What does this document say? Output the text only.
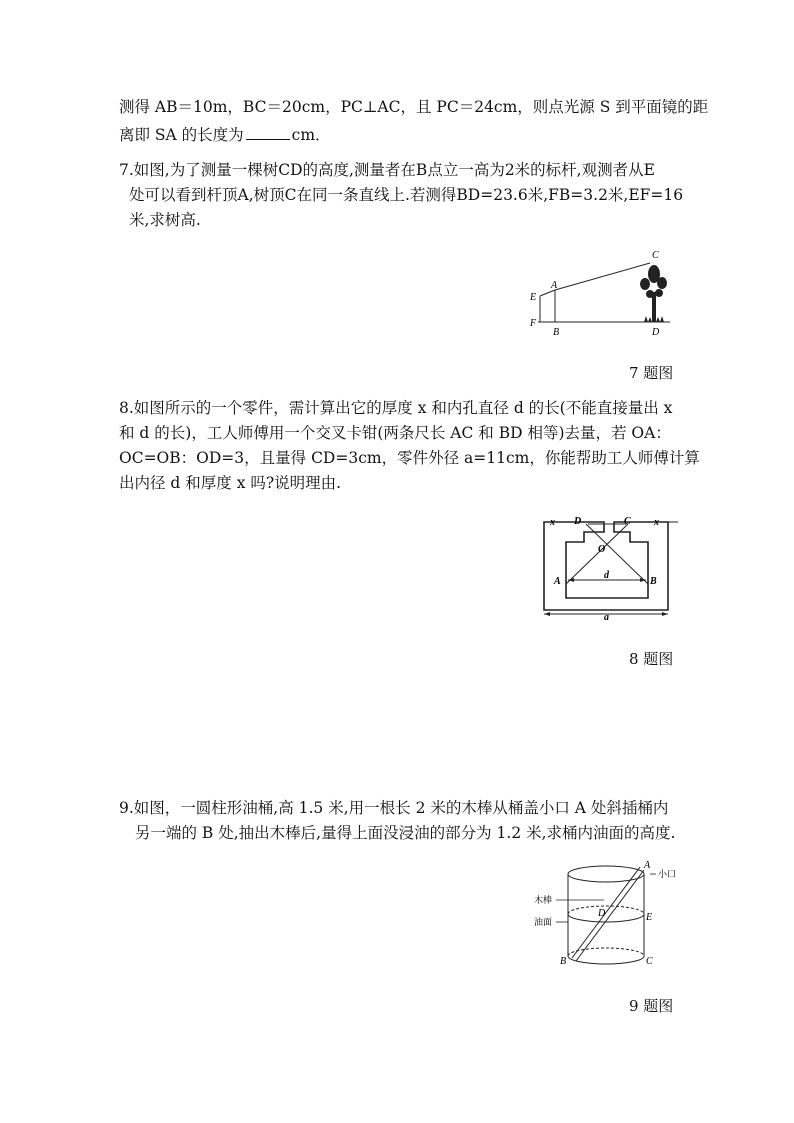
测得 AB＝10m，BC＝20cm，PC⊥AC，且 PC＝24cm，则点光源 S 到平面镜的距
离即 SA 的长度为	cm．
7.如图,为了测量一棵树CD的高度,测量者在B点立一高为2米的标杆,观测者从E
处可以看到杆顶A,树顶C在同一条直线上.若测得BD=23.6米,FB=3.2米,EF=16
米,求树高.
C
A
E
F
B	D
7 题图
8.如图所示的一个零件，需计算出它的厚度 x 和内孔直径 d 的长(不能直接量出 x
和 d 的长)，工人师傅用一个交叉卡钳(两条尺长 AC 和 BD 相等)去量，若 OA：
OC=OB：OD=3，且量得 CD=3cm，零件外径 a=11cm，你能帮助工人师傅计算
出内径 d 和厚度 x 吗?说明理由.
x	x
D	C
O
A	B
d
a
8 题图
9.如图，一圆柱形油桶,高 1.5 米,用一根长 2 米的木棒从桶盖小口 A 处斜插桶内
另一端的 B 处,抽出木棒后,量得上面没浸油的部分为 1.2 米,求桶内油面的高度.
A
小口
木棒
油面
D	E
B	C
9 题图
